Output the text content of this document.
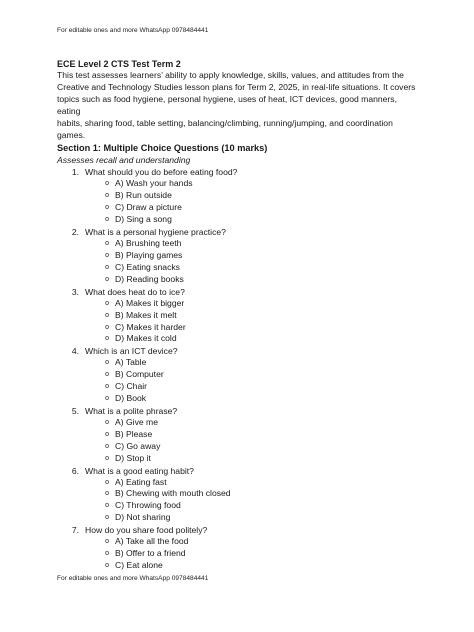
For editable ones and more WhatsApp 0978484441
ECE Level 2 CTS Test Term 2
This test assesses learners’ ability to apply knowledge, skills, values, and attitudes from the
Creative and Technology Studies lesson plans for Term 2, 2025, in real-life situations. It covers
topics such as food hygiene, personal hygiene, uses of heat, ICT devices, good manners, eating
habits, sharing food, table setting, balancing/climbing, running/jumping, and coordination
games.
Section 1: Multiple Choice Questions (10 marks)
Assesses recall and understanding
1. What should you do before eating food?
o A) Wash your hands
o B) Run outside
o C) Draw a picture
o D) Sing a song
2. What is a personal hygiene practice?
o A) Brushing teeth
o B) Playing games
o C) Eating snacks
o D) Reading books
3. What does heat do to ice?
o A) Makes it bigger
o B) Makes it melt
o C) Makes it harder
o D) Makes it cold
4. Which is an ICT device?
o A) Table
o B) Computer
o C) Chair
o D) Book
5. What is a polite phrase?
o A) Give me
o B) Please
o C) Go away
o D) Stop it
6. What is a good eating habit?
o A) Eating fast
o B) Chewing with mouth closed
o C) Throwing food
o D) Not sharing
7. How do you share food politely?
o A) Take all the food
o B) Offer to a friend
o C) Eat alone
For editable ones and more WhatsApp 0978484441
